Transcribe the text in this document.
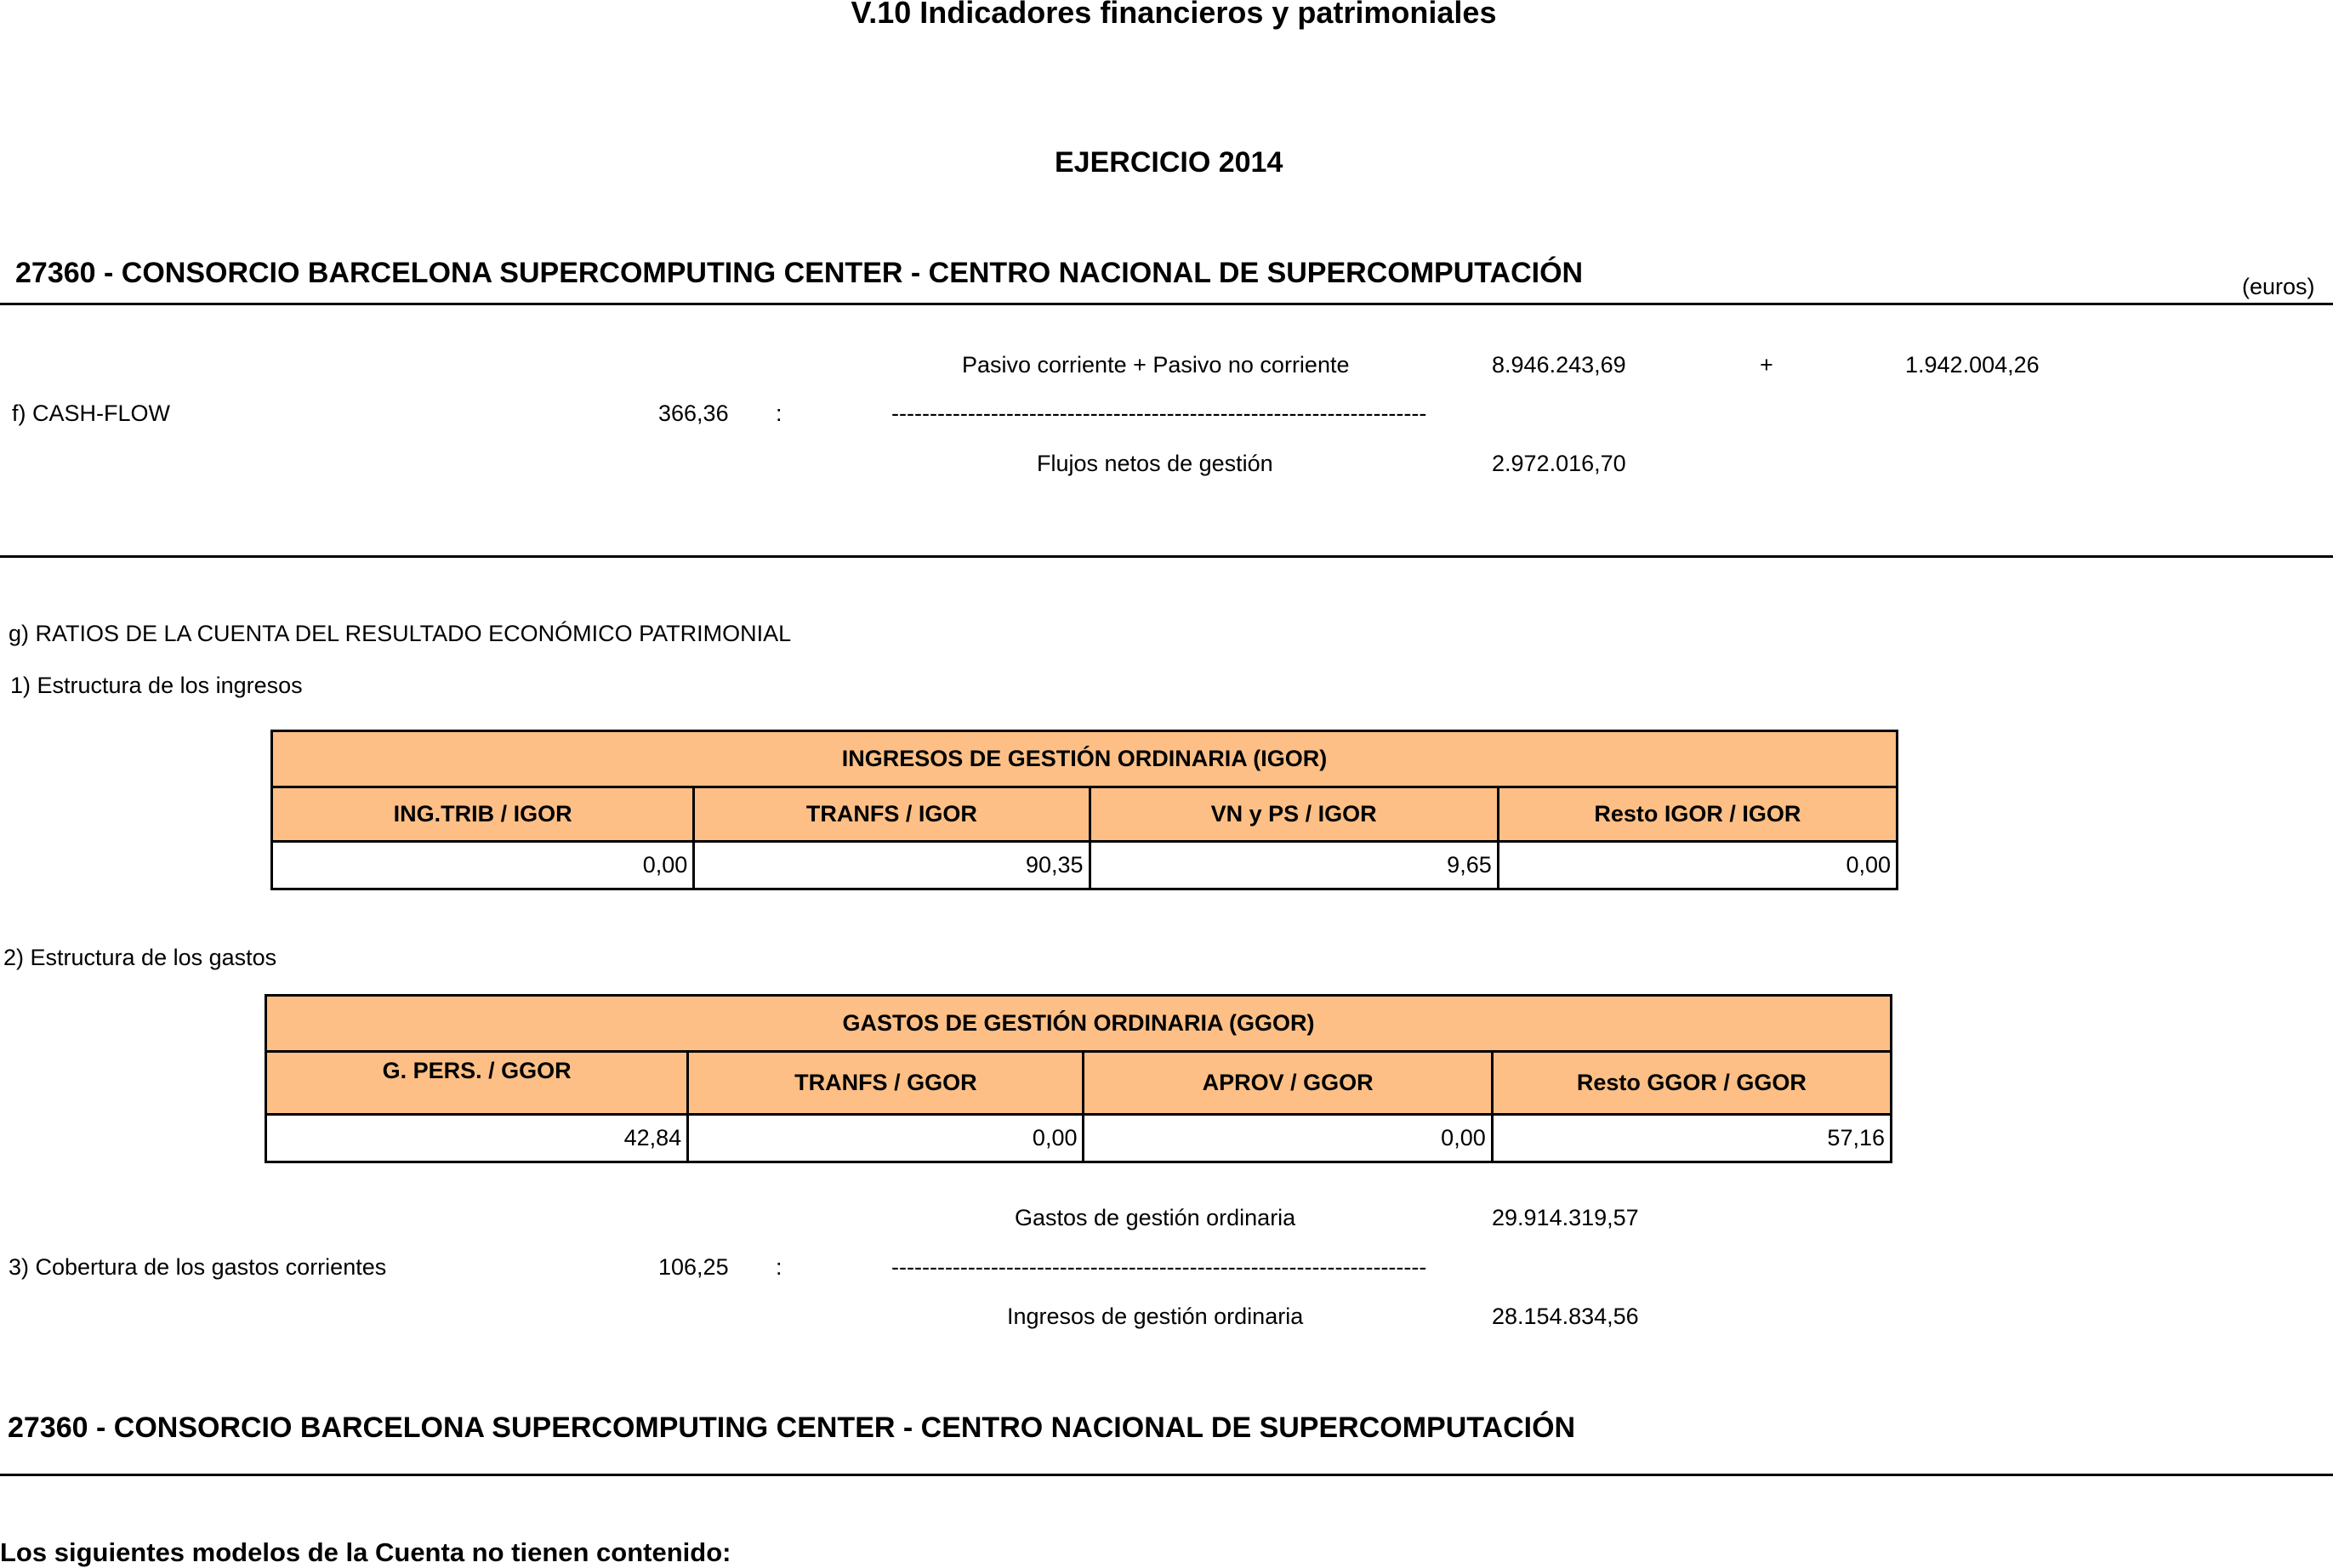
V.10 Indicadores financieros y patrimoniales
EJERCICIO 2014
27360 - CONSORCIO BARCELONA SUPERCOMPUTING CENTER - CENTRO NACIONAL DE SUPERCOMPUTACIÓN	(euros)
Pasivo corriente + Pasivo no corriente	8.946.243,69	+	1.942.004,26
f) CASH-FLOW	366,36 :	----------------------------------------------------------------------
Flujos netos de gestión	2.972.016,70
g) RATIOS DE LA CUENTA DEL RESULTADO ECONÓMICO PATRIMONIAL
1) Estructura de los ingresos
INGRESOS DE GESTIÓN ORDINARIA (IGOR)			
ING.TRIB / IGOR	TRANFS / IGOR	VN y PS / IGOR	Resto IGOR / IGOR
0,00	90,35	9,65	0,00
2) Estructura de los gastos
GASTOS DE GESTIÓN ORDINARIA (GGOR)			
G. PERS. / GGOR	TRANFS / GGOR	APROV / GGOR	Resto GGOR / GGOR
42,84	0,00	0,00	57,16
Gastos de gestión ordinaria	29.914.319,57
3) Cobertura de los gastos corrientes	106,25 :	----------------------------------------------------------------------
Ingresos de gestión ordinaria	28.154.834,56
27360 - CONSORCIO BARCELONA SUPERCOMPUTING CENTER - CENTRO NACIONAL DE SUPERCOMPUTACIÓN
Los siguientes modelos de la Cuenta no tienen contenido:
